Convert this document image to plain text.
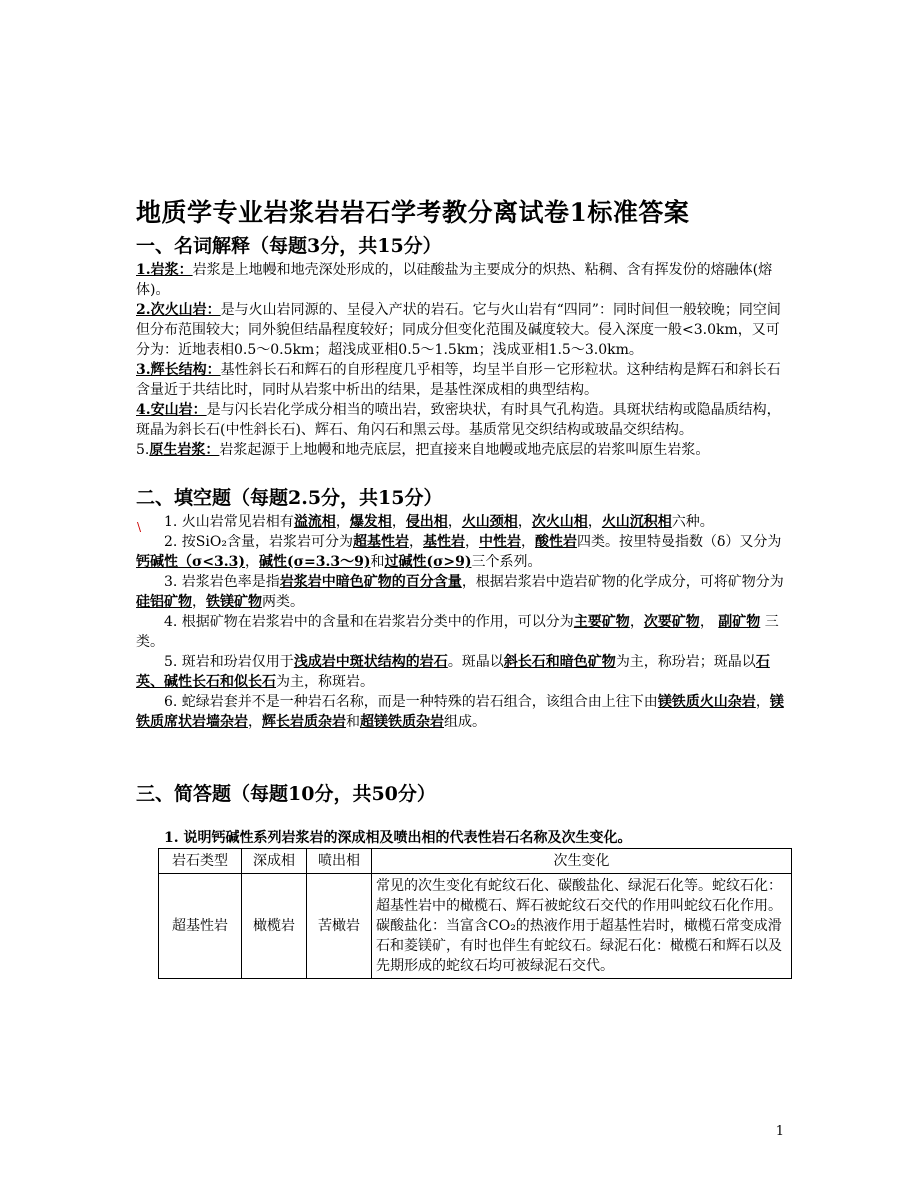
地质学专业岩浆岩岩石学考教分离试卷1标准答案
一、名词解释（每题3分，共15分）

1.岩浆：岩浆是上地幔和地壳深处形成的，以硅酸盐为主要成分的炽热、粘稠、含有挥发份的熔融体(熔体)。

2.次火山岩：是与火山岩同源的、呈侵入产状的岩石。它与火山岩有“四同”：同时间但一般较晚；同空间但分布范围较大；同外貌但结晶程度较好；同成分但变化范围及碱度较大。侵入深度一般<3.0km，又可分为：近地表相0.5～0.5km；超浅成亚相0.5～1.5km；浅成亚相1.5～3.0km。

3.辉长结构：基性斜长石和辉石的自形程度几乎相等，均呈半自形－它形粒状。这种结构是辉石和斜长石含量近于共结比时，同时从岩浆中析出的结果，是基性深成相的典型结构。

4.安山岩：是与闪长岩化学成分相当的喷出岩，致密块状，有时具气孔构造。具斑状结构或隐晶质结构，斑晶为斜长石(中性斜长石)、辉石、角闪石和黑云母。基质常见交织结构或玻晶交织结构。

5.原生岩浆：岩浆起源于上地幔和地壳底层，把直接来自地幔或地壳底层的岩浆叫原生岩浆。

二、填空题（每题2.5分，共15分）

1. 火山岩常见岩相有溢流相，爆发相，侵出相，火山颈相，次火山相，火山沉积相六种。

2. 按SiO₂含量，岩浆岩可分为超基性岩，基性岩，中性岩，酸性岩四类。按里特曼指数（δ）又分为钙碱性（σ<3.3)，碱性(σ=3.3～9)和过碱性(σ>9)三个系列。

3. 岩浆岩色率是指岩浆岩中暗色矿物的百分含量，根据岩浆岩中造岩矿物的化学成分，可将矿物分为硅铝矿物，铁镁矿物两类。

4. 根据矿物在岩浆岩中的含量和在岩浆岩分类中的作用，可以分为主要矿物，次要矿物， 副矿物 三类。

5. 斑岩和玢岩仅用于浅成岩中斑状结构的岩石。斑晶以斜长石和暗色矿物为主，称玢岩；斑晶以石英、碱性长石和似长石为主，称斑岩。

6. 蛇绿岩套并不是一种岩石名称，而是一种特殊的岩石组合，该组合由上往下由镁铁质火山杂岩，镁铁质席状岩墙杂岩，辉长岩质杂岩和超镁铁质杂岩组成。

三、简答题（每题10分，共50分）

1. 说明钙碱性系列岩浆岩的深成相及喷出相的代表性岩石名称及次生变化。

岩石类型	深成相	喷出相	次生变化
超基性岩	橄榄岩	苦橄岩	常见的次生变化有蛇纹石化、碳酸盐化、绿泥石化等。蛇纹石化：超基性岩中的橄榄石、辉石被蛇纹石交代的作用叫蛇纹石化作用。碳酸盐化：当富含CO₂的热液作用于超基性岩时，橄榄石常变成滑石和菱镁矿，有时也伴生有蛇纹石。绿泥石化：橄榄石和辉石以及先期形成的蛇纹石均可被绿泥石交代。
\
1
